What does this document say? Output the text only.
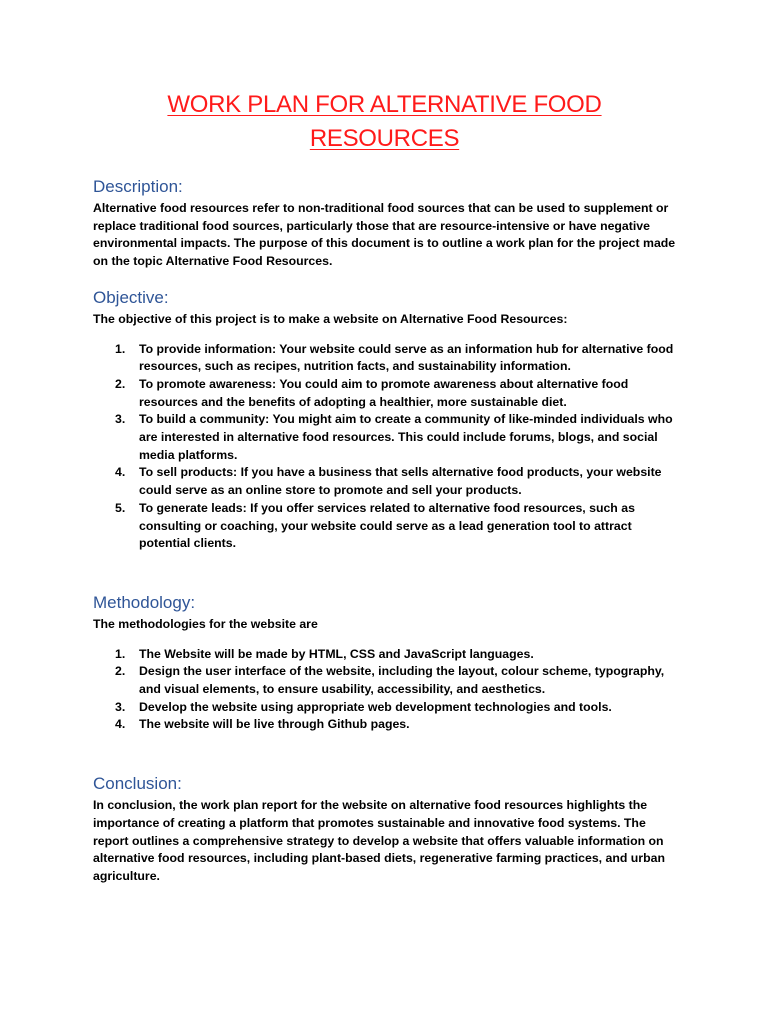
WORK PLAN FOR ALTERNATIVE FOOD RESOURCES
Description:

Alternative food resources refer to non-traditional food sources that can be used to supplement or replace traditional food sources, particularly those that are resource-intensive or have negative environmental impacts. The purpose of this document is to outline a work plan for the project made on the topic Alternative Food Resources.

Objective:

The objective of this project is to make a website on Alternative Food Resources:

1. To provide information: Your website could serve as an information hub for alternative food resources, such as recipes, nutrition facts, and sustainability information.
2. To promote awareness: You could aim to promote awareness about alternative food resources and the benefits of adopting a healthier, more sustainable diet.
3. To build a community: You might aim to create a community of like-minded individuals who are interested in alternative food resources. This could include forums, blogs, and social media platforms.
4. To sell products: If you have a business that sells alternative food products, your website could serve as an online store to promote and sell your products.
5. To generate leads: If you offer services related to alternative food resources, such as consulting or coaching, your website could serve as a lead generation tool to attract potential clients.
Methodology:

The methodologies for the website are

1. The Website will be made by HTML, CSS and JavaScript languages.
2. Design the user interface of the website, including the layout, colour scheme, typography, and visual elements, to ensure usability, accessibility, and aesthetics.
3. Develop the website using appropriate web development technologies and tools.
4. The website will be live through Github pages.
Conclusion:

In conclusion, the work plan report for the website on alternative food resources highlights the importance of creating a platform that promotes sustainable and innovative food systems. The report outlines a comprehensive strategy to develop a website that offers valuable information on alternative food resources, including plant-based diets, regenerative farming practices, and urban agriculture.
